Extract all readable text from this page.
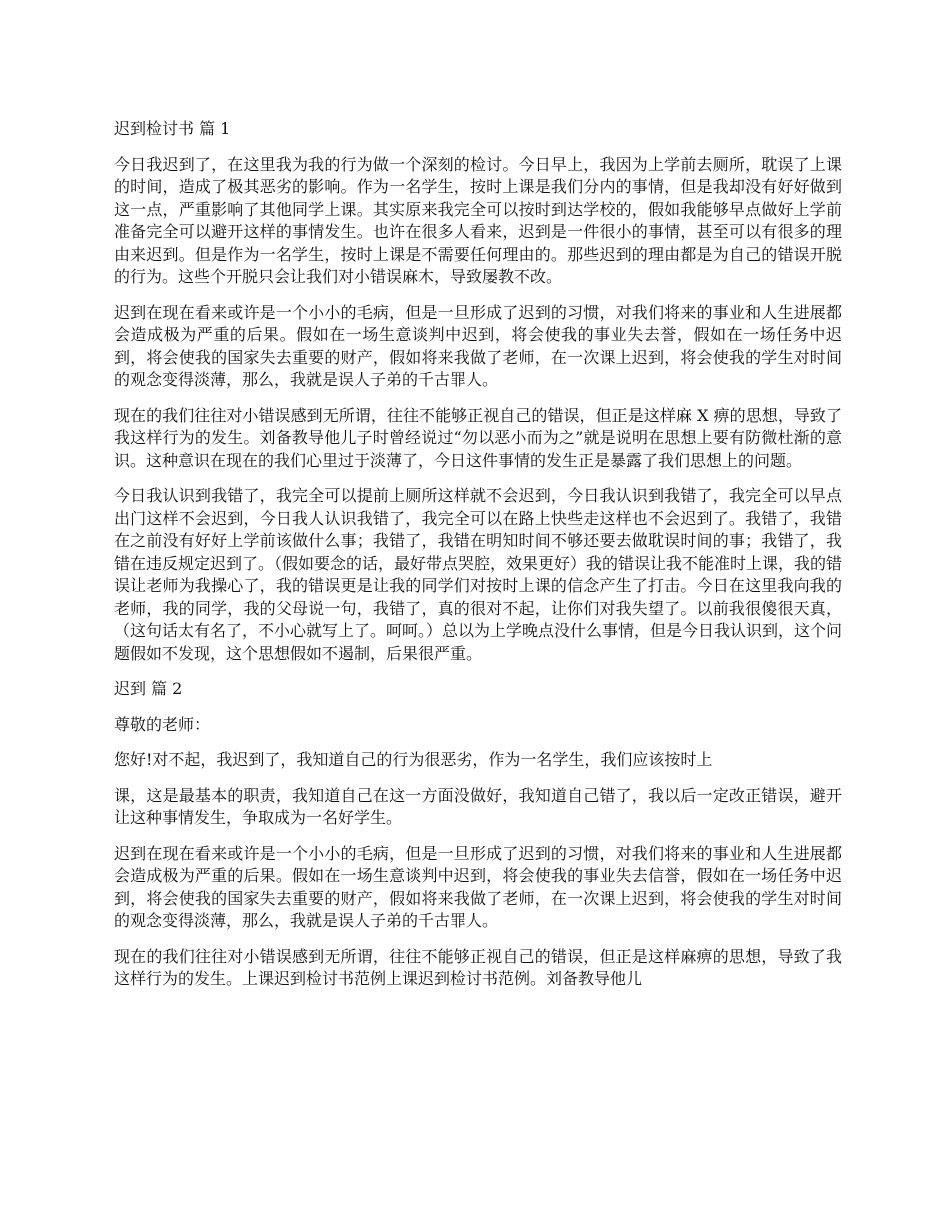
迟到检讨书 篇 1

今日我迟到了，在这里我为我的行为做一个深刻的检讨。今日早上，我因为上学前去厕所，耽误了上课的时间，造成了极其恶劣的影响。作为一名学生，按时上课是我们分内的事情，但是我却没有好好做到这一点，严重影响了其他同学上课。其实原来我完全可以按时到达学校的，假如我能够早点做好上学前准备完全可以避开这样的事情发生。也许在很多人看来，迟到是一件很小的事情，甚至可以有很多的理由来迟到。但是作为一名学生，按时上课是不需要任何理由的。那些迟到的理由都是为自己的错误开脱的行为。这些个开脱只会让我们对小错误麻木，导致屡教不改。

迟到在现在看来或许是一个小小的毛病，但是一旦形成了迟到的习惯，对我们将来的事业和人生进展都会造成极为严重的后果。假如在一场生意谈判中迟到，将会使我的事业失去誉，假如在一场任务中迟到，将会使我的国家失去重要的财产，假如将来我做了老师，在一次课上迟到，将会使我的学生对时间的观念变得淡薄，那么，我就是误人子弟的千古罪人。

现在的我们往往对小错误感到无所谓，往往不能够正视自己的错误，但正是这样麻 X 痹的思想，导致了我这样行为的发生。刘备教导他儿子时曾经说过“勿以恶小而为之”就是说明在思想上要有防微杜渐的意识。这种意识在现在的我们心里过于淡薄了，今日这件事情的发生正是暴露了我们思想上的问题。

今日我认识到我错了，我完全可以提前上厕所这样就不会迟到，今日我认识到我错了，我完全可以早点出门这样不会迟到，今日我人认识我错了，我完全可以在路上快些走这样也不会迟到了。我错了，我错在之前没有好好上学前该做什么事；我错了，我错在明知时间不够还要去做耽误时间的事；我错了，我错在违反规定迟到了。（假如要念的话，最好带点哭腔，效果更好）我的错误让我不能准时上课，我的错误让老师为我操心了，我的错误更是让我的同学们对按时上课的信念产生了打击。今日在这里我向我的老师，我的同学，我的父母说一句，我错了，真的很对不起，让你们对我失望了。以前我很傻很天真，（这句话太有名了，不小心就写上了。呵呵。）总以为上学晚点没什么事情，但是今日我认识到，这个问题假如不发现，这个思想假如不遏制，后果很严重。

迟到 篇 2

尊敬的老师：

您好!对不起，我迟到了，我知道自己的行为很恶劣，作为一名学生，我们应该按时上

课，这是最基本的职责，我知道自己在这一方面没做好，我知道自己错了，我以后一定改正错误，避开让这种事情发生，争取成为一名好学生。

迟到在现在看来或许是一个小小的毛病，但是一旦形成了迟到的习惯，对我们将来的事业和人生进展都会造成极为严重的后果。假如在一场生意谈判中迟到，将会使我的事业失去信誉，假如在一场任务中迟到，将会使我的国家失去重要的财产，假如将来我做了老师，在一次课上迟到，将会使我的学生对时间的观念变得淡薄，那么，我就是误人子弟的千古罪人。

现在的我们往往对小错误感到无所谓，往往不能够正视自己的错误，但正是这样麻痹的思想，导致了我这样行为的发生。上课迟到检讨书范例上课迟到检讨书范例。刘备教导他儿
